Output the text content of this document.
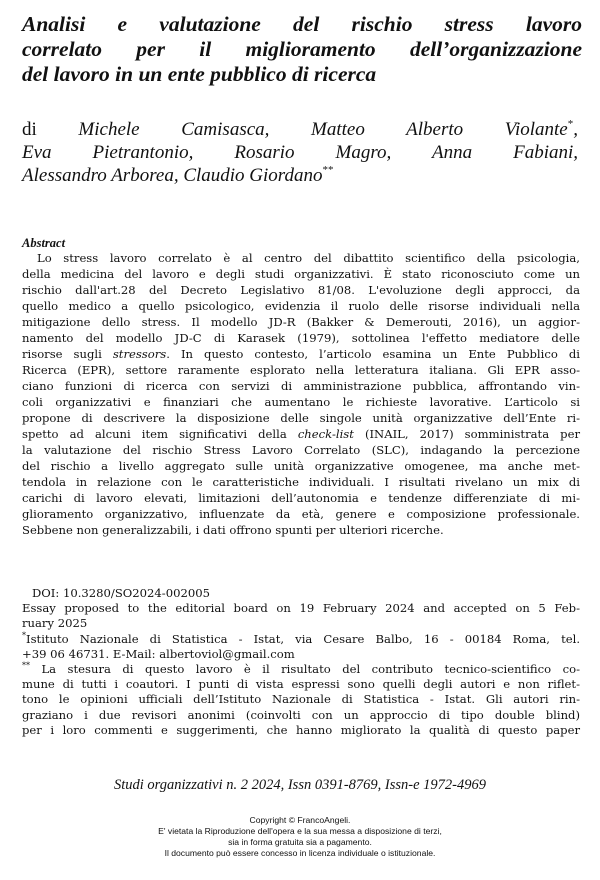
Analisi e valutazione del rischio stress lavoro
correlato per il miglioramento dell’organizzazione
del lavoro in un ente pubblico di ricerca
di Michele Camisasca, Matteo Alberto Violante*,
Eva Pietrantonio, Rosario Magro, Anna Fabiani,
Alessandro Arborea, Claudio Giordano**
Abstract
Lo stress lavoro correlato è al centro del dibattito scientifico della psicologia,
della medicina del lavoro e degli studi organizzativi. È stato riconosciuto come un
rischio dall'art.28 del Decreto Legislativo 81/08. L'evoluzione degli approcci, da
quello medico a quello psicologico, evidenzia il ruolo delle risorse individuali nella
mitigazione dello stress. Il modello JD-R (Bakker & Demerouti, 2016), un aggior-
namento del modello JD-C di Karasek (1979), sottolinea l'effetto mediatore delle
risorse sugli stressors. In questo contesto, l’articolo esamina un Ente Pubblico di
Ricerca (EPR), settore raramente esplorato nella letteratura italiana. Gli EPR asso-
ciano funzioni di ricerca con servizi di amministrazione pubblica, affrontando vin-
coli organizzativi e finanziari che aumentano le richieste lavorative. L’articolo si
propone di descrivere la disposizione delle singole unità organizzative dell’Ente ri-
spetto ad alcuni item significativi della check-list (INAIL, 2017) somministrata per
la valutazione del rischio Stress Lavoro Correlato (SLC), indagando la percezione
del rischio a livello aggregato sulle unità organizzative omogenee, ma anche met-
tendola in relazione con le caratteristiche individuali. I risultati rivelano un mix di
carichi di lavoro elevati, limitazioni dell’autonomia e tendenze differenziate di mi-
glioramento organizzativo, influenzate da età, genere e composizione professionale.
Sebbene non generalizzabili, i dati offrono spunti per ulteriori ricerche.
DOI: 10.3280/SO2024-002005
Essay proposed to the editorial board on 19 February 2024 and accepted on 5 Feb-
ruary 2025
*Istituto Nazionale di Statistica - Istat, via Cesare Balbo, 16 - 00184 Roma, tel.
+39 06 46731. E-Mail: albertoviol@gmail.com
** La stesura di questo lavoro è il risultato del contributo tecnico-scientifico co-
mune di tutti i coautori. I punti di vista espressi sono quelli degli autori e non riflet-
tono le opinioni ufficiali dell’Istituto Nazionale di Statistica - Istat. Gli autori rin-
graziano i due revisori anonimi (coinvolti con un approccio di tipo double blind)
per i loro commenti e suggerimenti, che hanno migliorato la qualità di questo paper
Studi organizzativi n. 2 2024, Issn 0391-8769, Issn-e 1972-4969
Copyright © FrancoAngeli.
E' vietata la Riproduzione dell'opera e la sua messa a disposizione di terzi,
sia in forma gratuita sia a pagamento.
Il documento può essere concesso in licenza individuale o istituzionale.
